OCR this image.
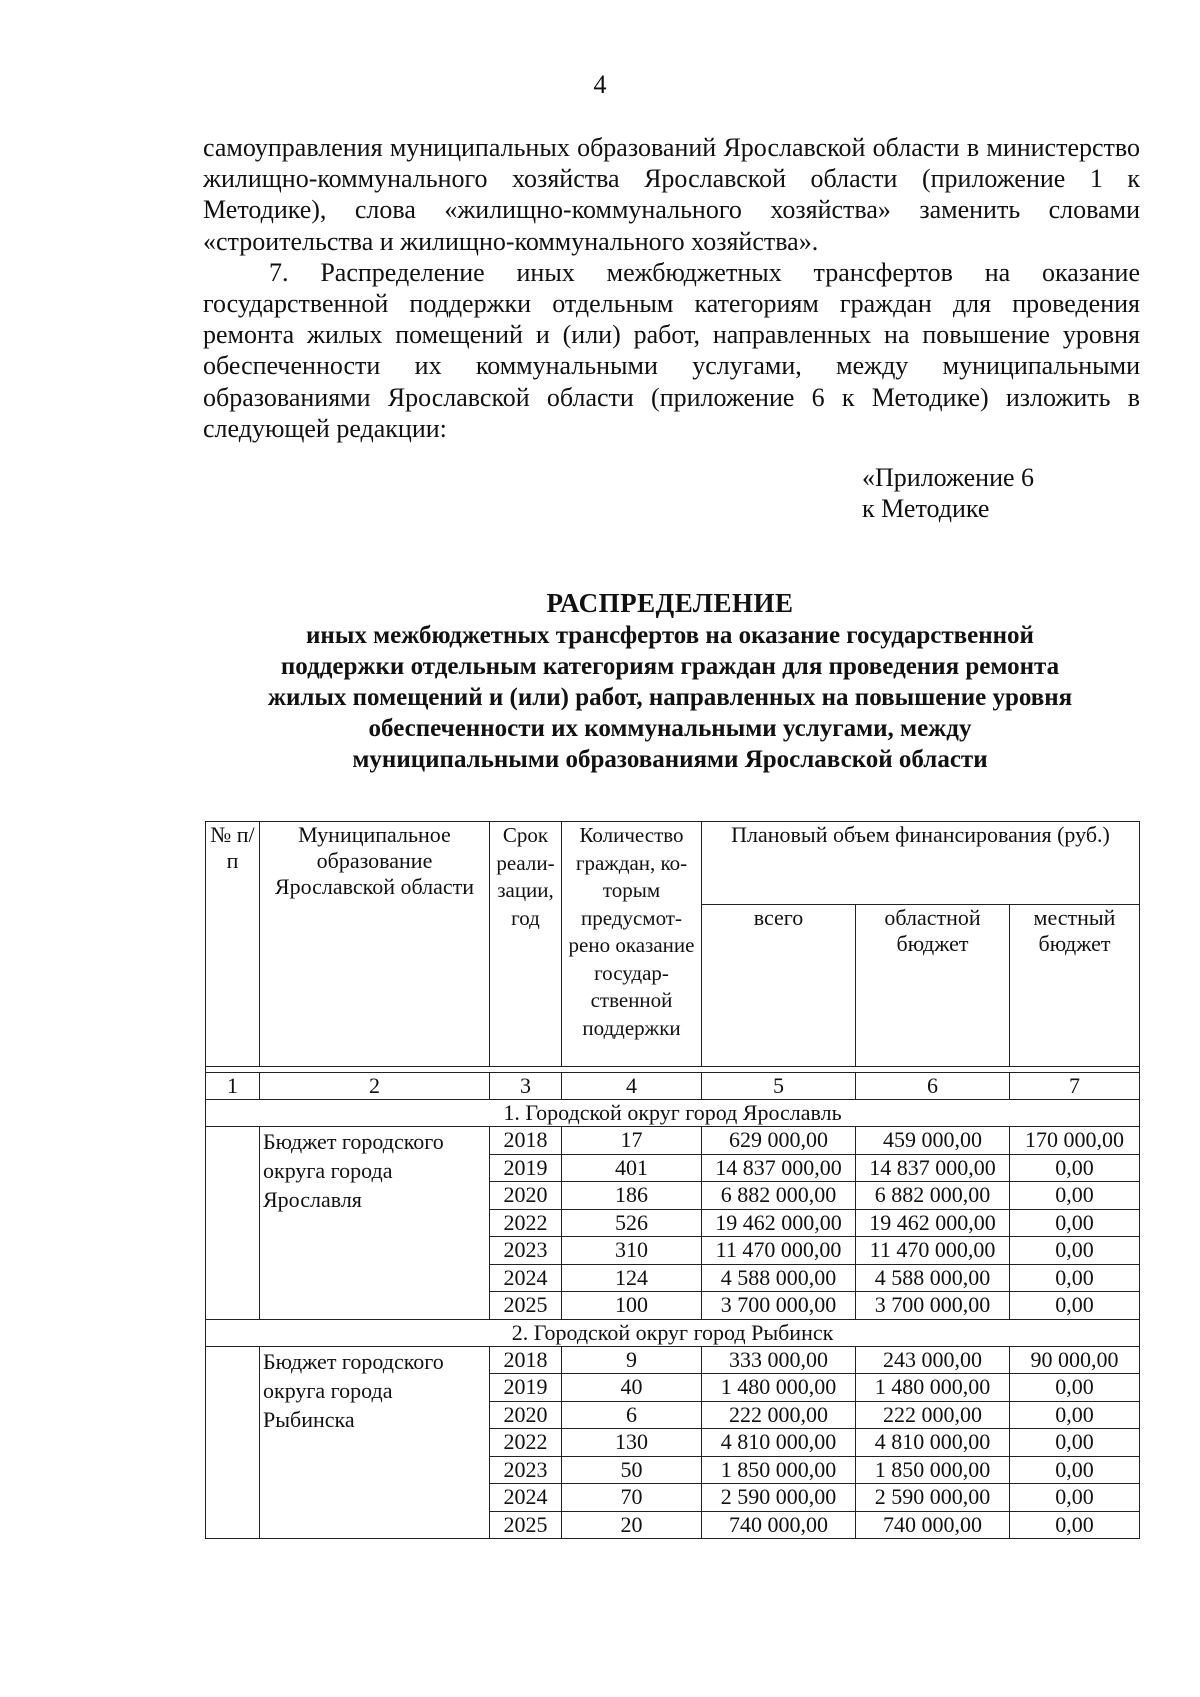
4

самоуправления муниципальных образований Ярославской области в министерство жилищно-коммунального хозяйства Ярославской области (приложение 1 к Методике), слова «жилищно-коммунального хозяйства» заменить словами «строительства и жилищно-коммунального хозяйства».

7. Распределение иных межбюджетных трансфертов на оказание государственной поддержки отдельным категориям граждан для проведения ремонта жилых помещений и (или) работ, направленных на повышение уровня обеспеченности их коммунальными услугами, между муниципальными образованиями Ярославской области (приложение 6 к Методике) изложить в следующей редакции:

«Приложение 6
к Методике
РАСПРЕДЕЛЕНИЕ
иных межбюджетных трансфертов на оказание государственной
поддержки отдельным категориям граждан для проведения ремонта
жилых помещений и (или) работ, направленных на повышение уровня
обеспеченности их коммунальными услугами, между
муниципальными образованиями Ярославской области
№ п/п	Муниципальное образование Ярославской области	Срок реали-зации, год	Количество граждан, ко-торым предусмот-рено оказание государ-ственной поддержки	Плановый объем финансирования (руб.)		
				всего	областной бюджет	местный бюджет

1	2	3	4	5	6	7
1. Городской округ город Ярославль						
	Бюджет городского округа города Ярославля	2018	17	629 000,00	459 000,00	170 000,00
		2019	401	14 837 000,00	14 837 000,00	0,00
		2020	186	6 882 000,00	6 882 000,00	0,00
		2022	526	19 462 000,00	19 462 000,00	0,00
		2023	310	11 470 000,00	11 470 000,00	0,00
		2024	124	4 588 000,00	4 588 000,00	0,00
		2025	100	3 700 000,00	3 700 000,00	0,00
2. Городской округ город Рыбинск						
	Бюджет городского округа города Рыбинска	2018	9	333 000,00	243 000,00	90 000,00
		2019	40	1 480 000,00	1 480 000,00	0,00
		2020	6	222 000,00	222 000,00	0,00
		2022	130	4 810 000,00	4 810 000,00	0,00
		2023	50	1 850 000,00	1 850 000,00	0,00
		2024	70	2 590 000,00	2 590 000,00	0,00
		2025	20	740 000,00	740 000,00	0,00
